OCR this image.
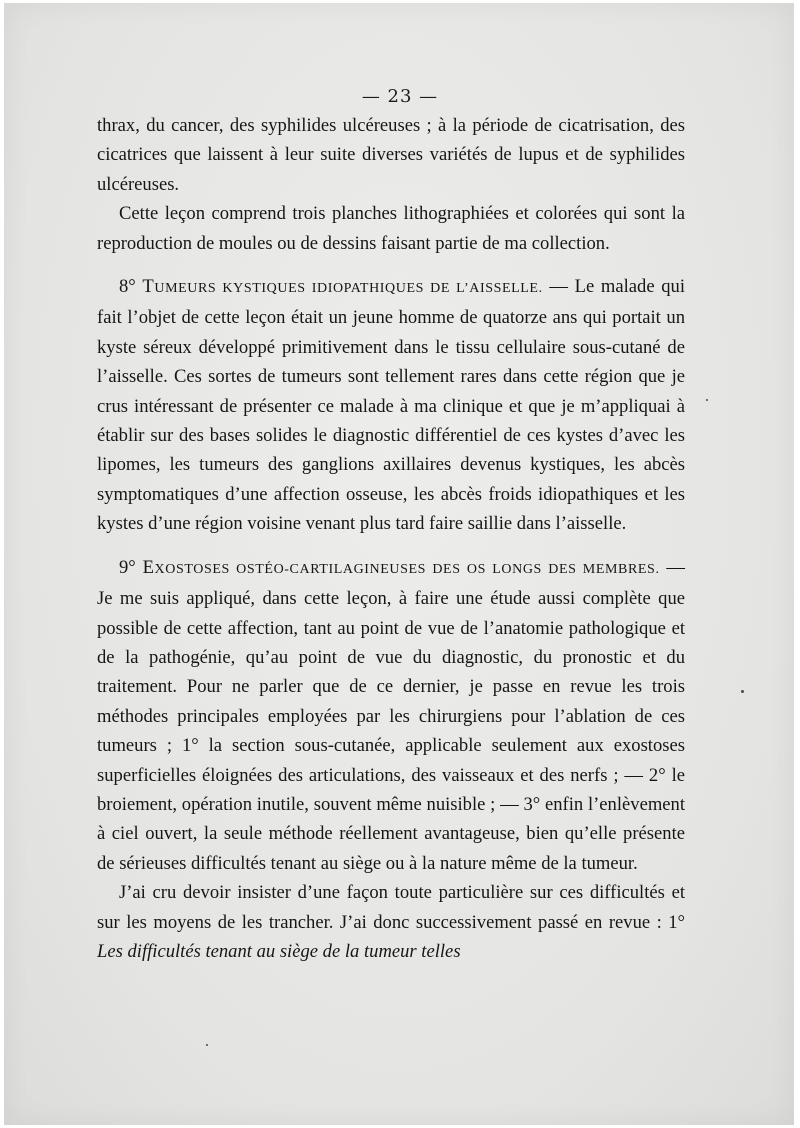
— 23 —

thrax, du cancer, des syphilides ulcéreuses ; à la période de cicatrisation, des cicatrices que laissent à leur suite diverses variétés de lupus et de syphilides ulcéreuses.

Cette leçon comprend trois planches lithographiées et colorées qui sont la reproduction de moules ou de dessins faisant partie de ma collection.

8° TUMEURS KYSTIQUES IDIOPATHIQUES DE L’AISSELLE. — Le malade qui fait l’objet de cette leçon était un jeune homme de quatorze ans qui portait un kyste séreux développé primitivement dans le tissu cellulaire sous-cutané de l’aisselle. Ces sortes de tumeurs sont tellement rares dans cette région que je crus intéressant de présenter ce malade à ma clinique et que je m’appliquai à établir sur des bases solides le diagnostic différentiel de ces kystes d’avec les lipomes, les tumeurs des ganglions axillaires devenus kystiques, les abcès symptomatiques d’une affection osseuse, les abcès froids idiopathiques et les kystes d’une région voisine venant plus tard faire saillie dans l’aisselle.

9° EXOSTOSES OSTÉO-CARTILAGINEUSES DES OS LONGS DES MEMBRES. — Je me suis appliqué, dans cette leçon, à faire une étude aussi complète que possible de cette affection, tant au point de vue de l’anatomie pathologique et de la pathogénie, qu’au point de vue du diagnostic, du pronostic et du traitement. Pour ne parler que de ce dernier, je passe en revue les trois méthodes principales employées par les chirurgiens pour l’ablation de ces tumeurs ; 1° la section sous-cutanée, applicable seulement aux exostoses superficielles éloignées des articulations, des vaisseaux et des nerfs ; — 2° le broiement, opération inutile, souvent même nuisible ; — 3° enfin l’enlèvement à ciel ouvert, la seule méthode réellement avantageuse, bien qu’elle présente de sérieuses difficultés tenant au siège ou à la nature même de la tumeur.

J’ai cru devoir insister d’une façon toute particulière sur ces difficultés et sur les moyens de les trancher. J’ai donc successivement passé en revue : 1° Les difficultés tenant au siège de la tumeur telles
